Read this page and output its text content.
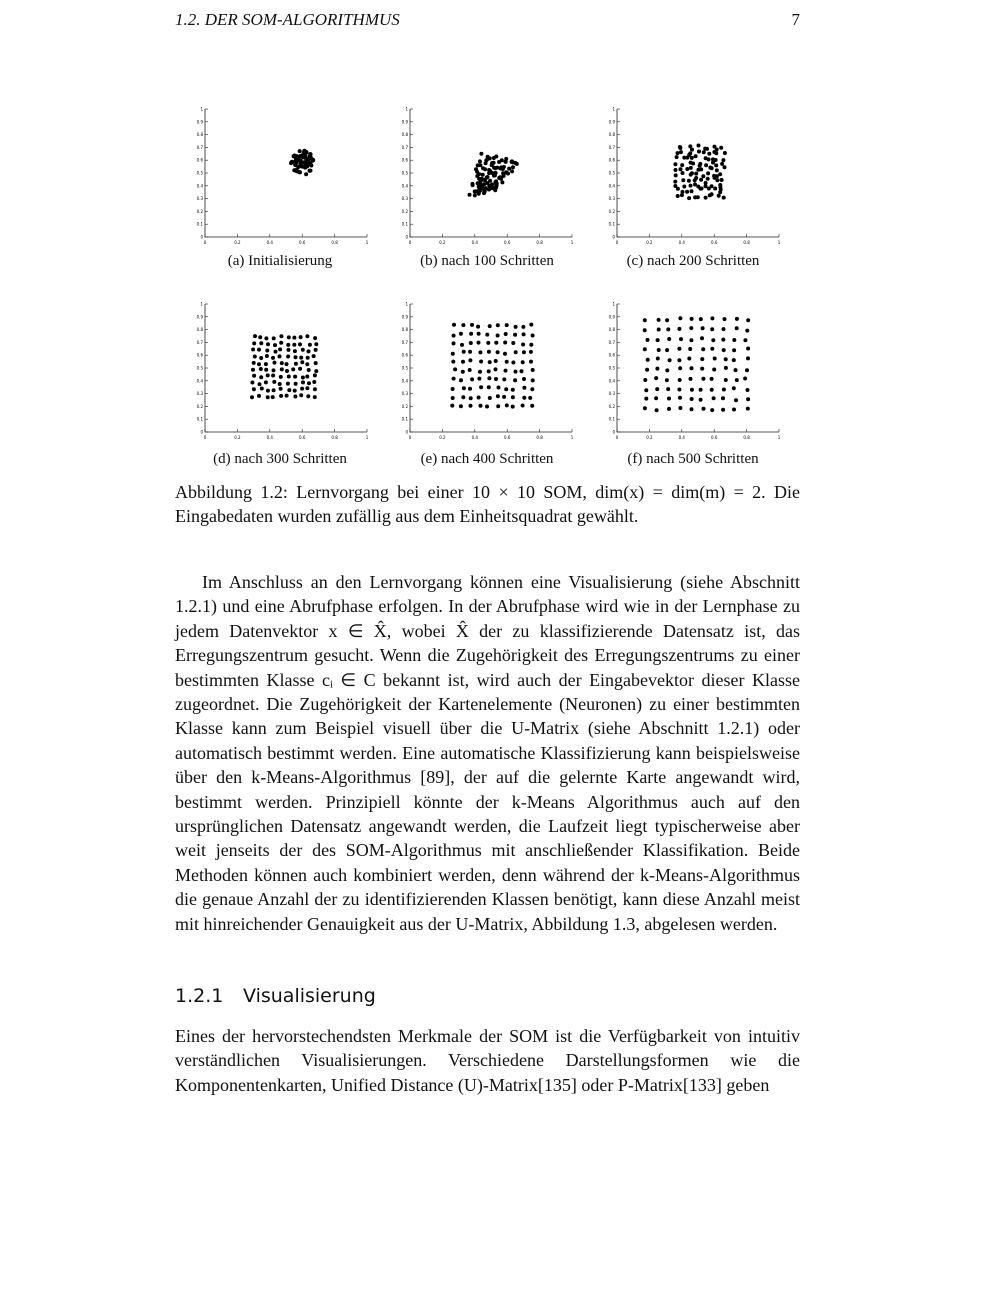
1.2. DER SOM-ALGORITHMUS	7
0
0.1
0.2
0.3
0.4
0.5
0.6
0.7
0.8
0.9
1
0	0.2	0.4	0.6	0.8	1
0
0.1
0.2
0.3
0.4
0.5
0.6
0.7
0.8
0.9
1
0	0.2	0.4	0.6	0.8	1
0
0.1
0.2
0.3
0.4
0.5
0.6
0.7
0.8
0.9
1
0	0.2	0.4	0.6	0.8	1
0
0.1
0.2
0.3
0.4
0.5
0.6
0.7
0.8
0.9
1
0	0.2	0.4	0.6	0.8	1
0
0.1
0.2
0.3
0.4
0.5
0.6
0.7
0.8
0.9
1
0	0.2	0.4	0.6	0.8	1
0
0.1
0.2
0.3
0.4
0.5
0.6
0.7
0.8
0.9
1
0	0.2	0.4	0.6	0.8	1
(a) Initialisierung	(b) nach 100 Schritten	(c) nach 200 Schritten
(d) nach 300 Schritten	(e) nach 400 Schritten	(f) nach 500 Schritten
Abbildung 1.2: Lernvorgang bei einer 10 × 10 SOM, dim(x) = dim(m) = 2. Die Eingabedaten wurden zufällig aus dem Einheitsquadrat gewählt.
Im Anschluss an den Lernvorgang können eine Visualisierung (siehe Abschnitt 1.2.1) und eine Abrufphase erfolgen. In der Abrufphase wird wie in der Lernphase zu jedem Datenvektor x ∈ X̂, wobei X̂ der zu klassifizierende Datensatz ist, das Erregungszentrum gesucht. Wenn die Zugehörigkeit des Erregungszentrums zu einer bestimmten Klasse cᵢ ∈ C bekannt ist, wird auch der Eingabevektor dieser Klasse zugeordnet. Die Zugehörigkeit der Kartenelemente (Neuronen) zu einer bestimmten Klasse kann zum Beispiel visuell über die U-Matrix (siehe Abschnitt 1.2.1) oder automatisch bestimmt werden. Eine automatische Klassifizierung kann beispielsweise über den k-Means-Algorithmus [89], der auf die gelernte Karte angewandt wird, bestimmt werden. Prinzipiell könnte der k-Means Algorithmus auch auf den ursprünglichen Datensatz angewandt werden, die Laufzeit liegt typischerweise aber weit jenseits der des SOM-Algorithmus mit anschließender Klassifikation. Beide Methoden können auch kombiniert werden, denn während der k-Means-Algorithmus die genaue Anzahl der zu identifizierenden Klassen benötigt, kann diese Anzahl meist mit hinreichender Genauigkeit aus der U-Matrix, Abbildung 1.3, abgelesen werden.
1.2.1 Visualisierung
Eines der hervorstechendsten Merkmale der SOM ist die Verfügbarkeit von intuitiv verständlichen Visualisierungen. Verschiedene Darstellungsformen wie die Komponentenkarten, Unified Distance (U)-Matrix[135] oder P-Matrix[133] geben
